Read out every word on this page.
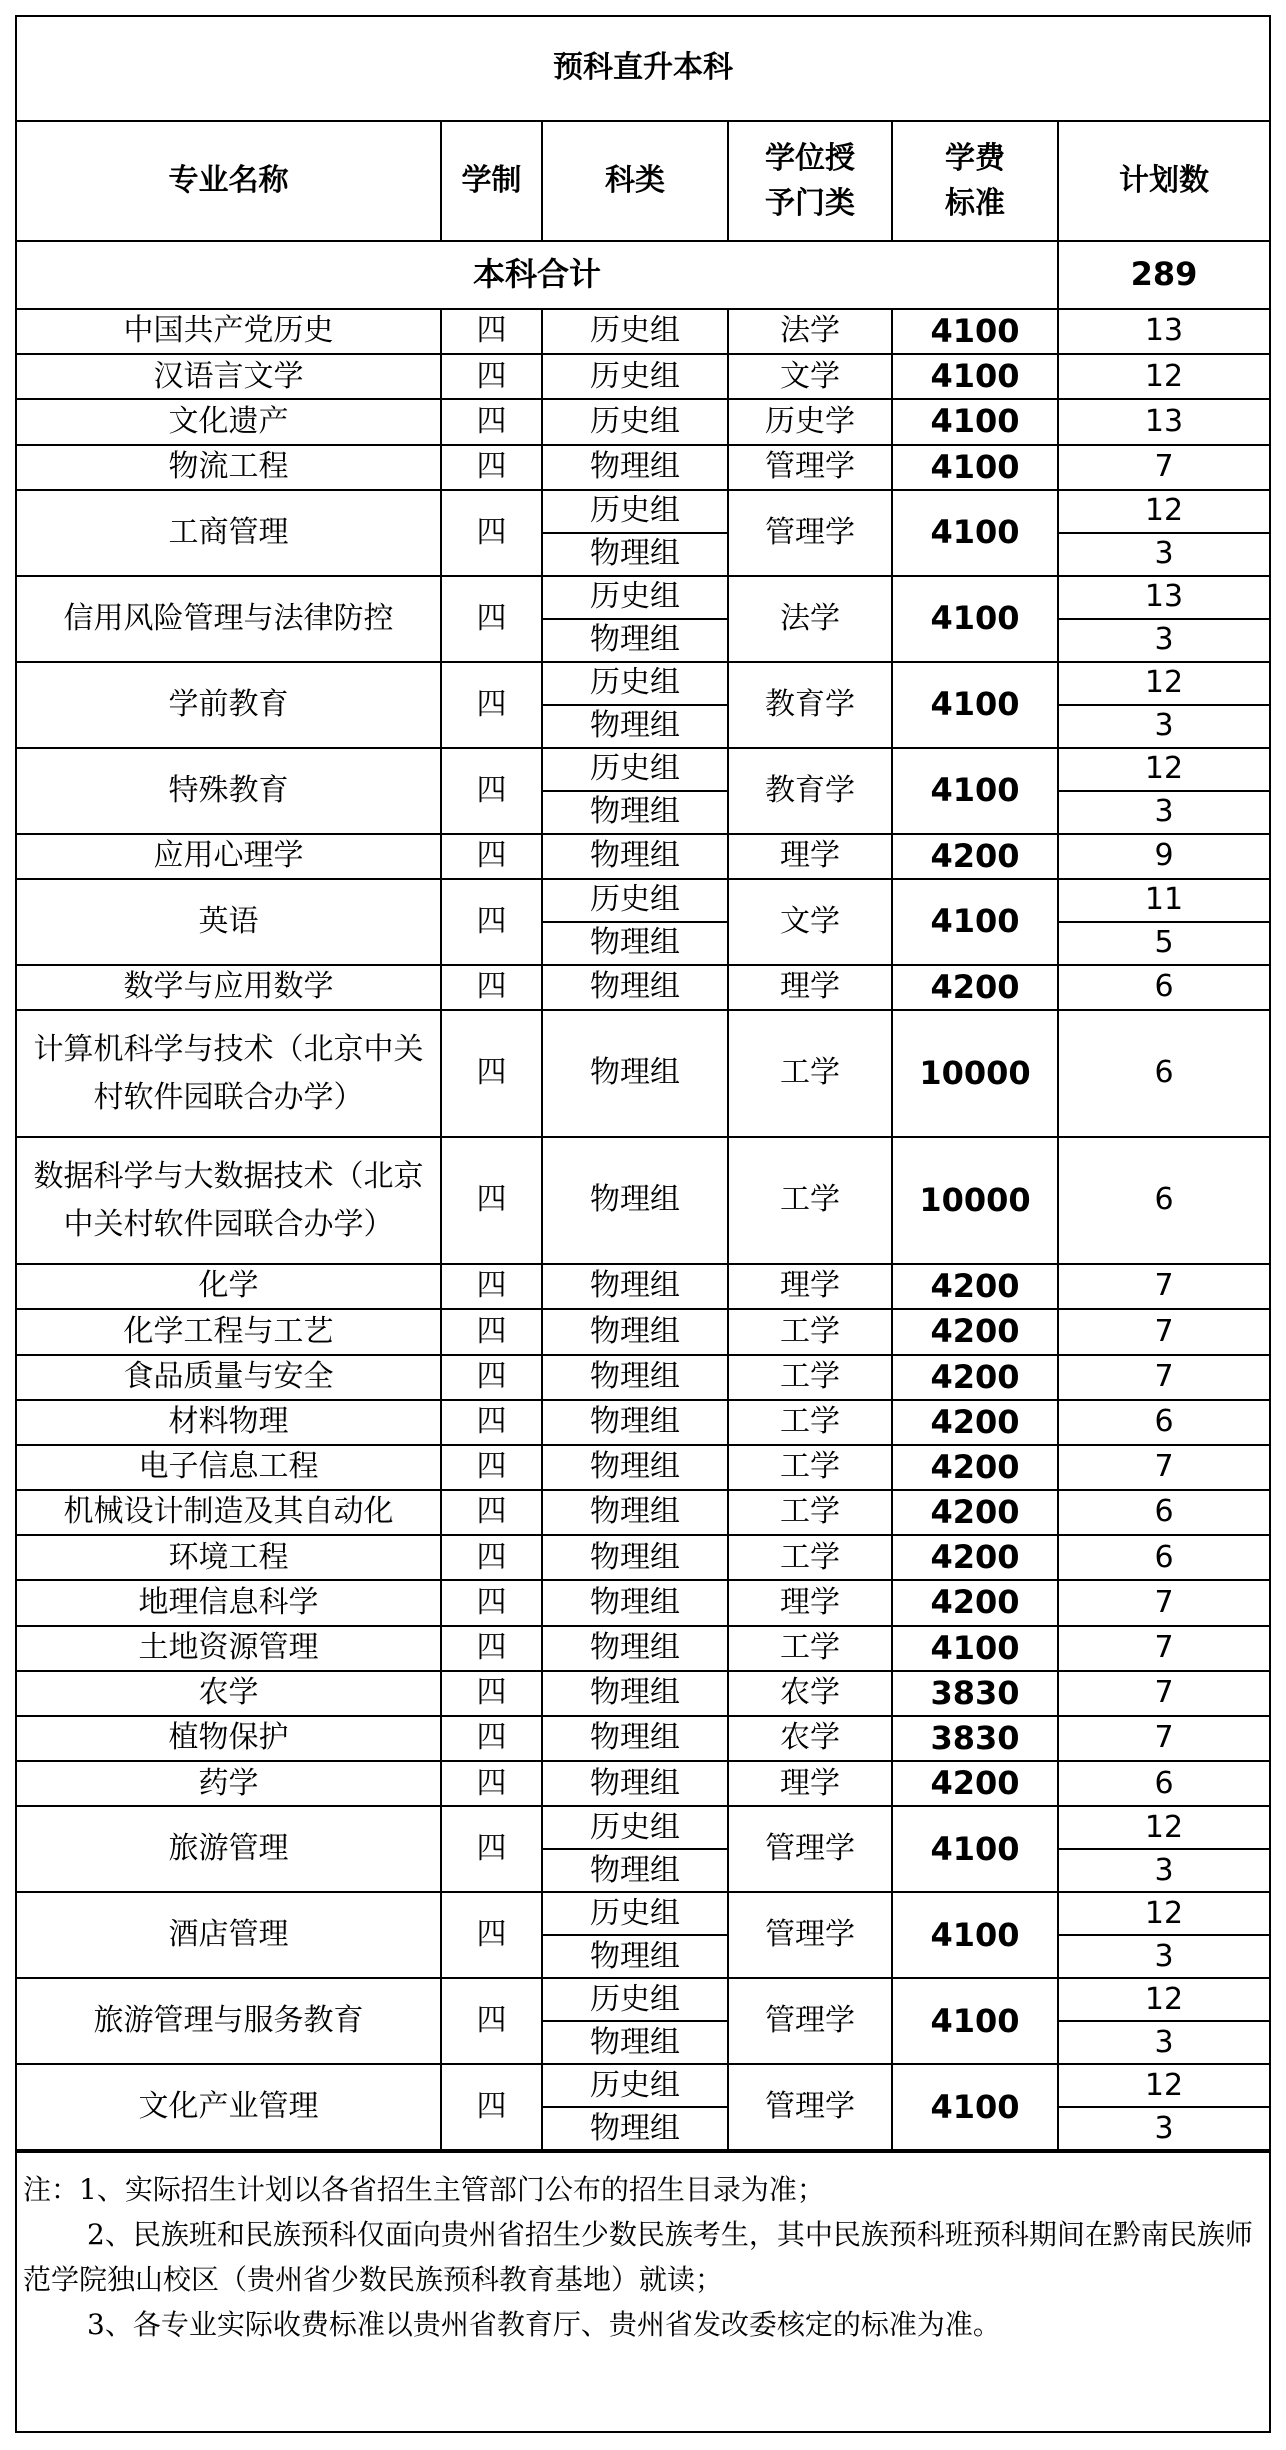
预科直升本科					
专业名称	学制	科类	学位授予门类	学费标准	计划数
本科合计					289
中国共产党历史	四	历史组	法学	4100	13
汉语言文学	四	历史组	文学	4100	12
文化遗产	四	历史组	历史学	4100	13
物流工程	四	物理组	管理学	4100	7
工商管理	四	历史组	管理学	4100	12
		物理组			3
信用风险管理与法律防控	四	历史组	法学	4100	13
		物理组			3
学前教育	四	历史组	教育学	4100	12
		物理组			3
特殊教育	四	历史组	教育学	4100	12
		物理组			3
应用心理学	四	物理组	理学	4200	9
英语	四	历史组	文学	4100	11
		物理组			5
数学与应用数学	四	物理组	理学	4200	6
计算机科学与技术（北京中关村软件园联合办学）	四	物理组	工学	10000	6
数据科学与大数据技术（北京中关村软件园联合办学）	四	物理组	工学	10000	6
化学	四	物理组	理学	4200	7
化学工程与工艺	四	物理组	工学	4200	7
食品质量与安全	四	物理组	工学	4200	7
材料物理	四	物理组	工学	4200	6
电子信息工程	四	物理组	工学	4200	7
机械设计制造及其自动化	四	物理组	工学	4200	6
环境工程	四	物理组	工学	4200	6
地理信息科学	四	物理组	理学	4200	7
土地资源管理	四	物理组	工学	4100	7
农学	四	物理组	农学	3830	7
植物保护	四	物理组	农学	3830	7
药学	四	物理组	理学	4200	6
旅游管理	四	历史组	管理学	4100	12
		物理组			3
酒店管理	四	历史组	管理学	4100	12
		物理组			3
旅游管理与服务教育	四	历史组	管理学	4100	12
		物理组			3
文化产业管理	四	历史组	管理学	4100	12
		物理组			3

注：1、实际招生计划以各省招生主管部门公布的招生目录为准；

2、民族班和民族预科仅面向贵州省招生少数民族考生，其中民族预科班预科期间在黔南民族师范学院独山校区（贵州省少数民族预科教育基地）就读；

3、各专业实际收费标准以贵州省教育厅、贵州省发改委核定的标准为准。
